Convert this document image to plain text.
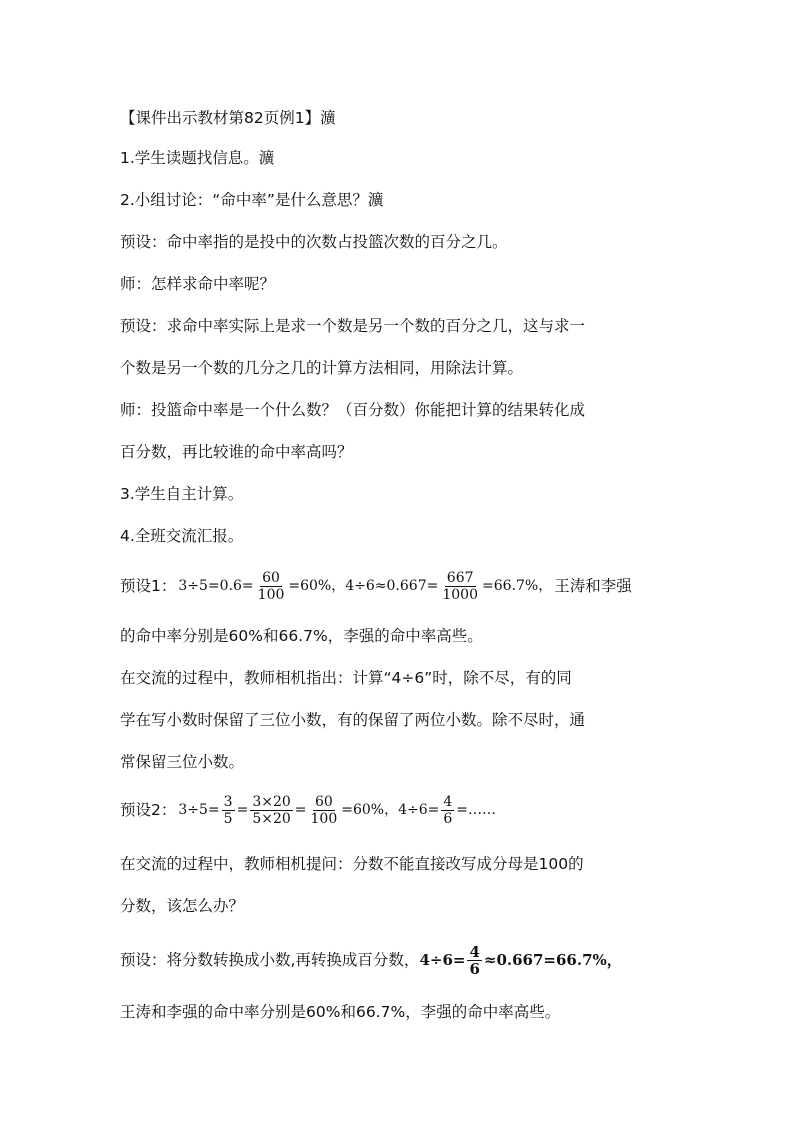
【课件出示教材第82页例1】瀇
1.学生读题找信息。瀇
2.小组讨论：“命中率”是什么意思？瀇
预设：命中率指的是投中的次数占投篮次数的百分之几。
师：怎样求命中率呢？
预设：求命中率实际上是求一个数是另一个数的百分之几，这与求一
个数是另一个数的几分之几的计算方法相同，用除法计算。
师：投篮命中率是一个什么数？（百分数）你能把计算的结果转化成
百分数，再比较谁的命中率高吗？
3.学生自主计算。
4.全班交流汇报。
预设1： $3\div 5=0.6= \frac{60}{100} =60\%$， $4\div 6\approx 0.667= \frac{667}{1000} =66.7\%$， 王涛和李强
的命中率分别是60%和66.7%，李强的命中率高些。
在交流的过程中，教师相机指出：计算“4÷6”时，除不尽，有的同
学在写小数时保留了三位小数，有的保留了两位小数。除不尽时，通
常保留三位小数。
预设2： $3\div 5= \frac{3}{5} = \frac{3\times 20}{5\times 20} = \frac{60}{100} =60\%$， $4\div 6= \frac{4}{6}$ =……
在交流的过程中，教师相机提问：分数不能直接改写成分母是100的
分数，该怎么办？
预设：将分数转换成小数,再转换成百分数， $4\div 6= \frac{4}{6} \approx 0.667=66.7\%$，
王涛和李强的命中率分别是60%和66.7%，李强的命中率高些。
